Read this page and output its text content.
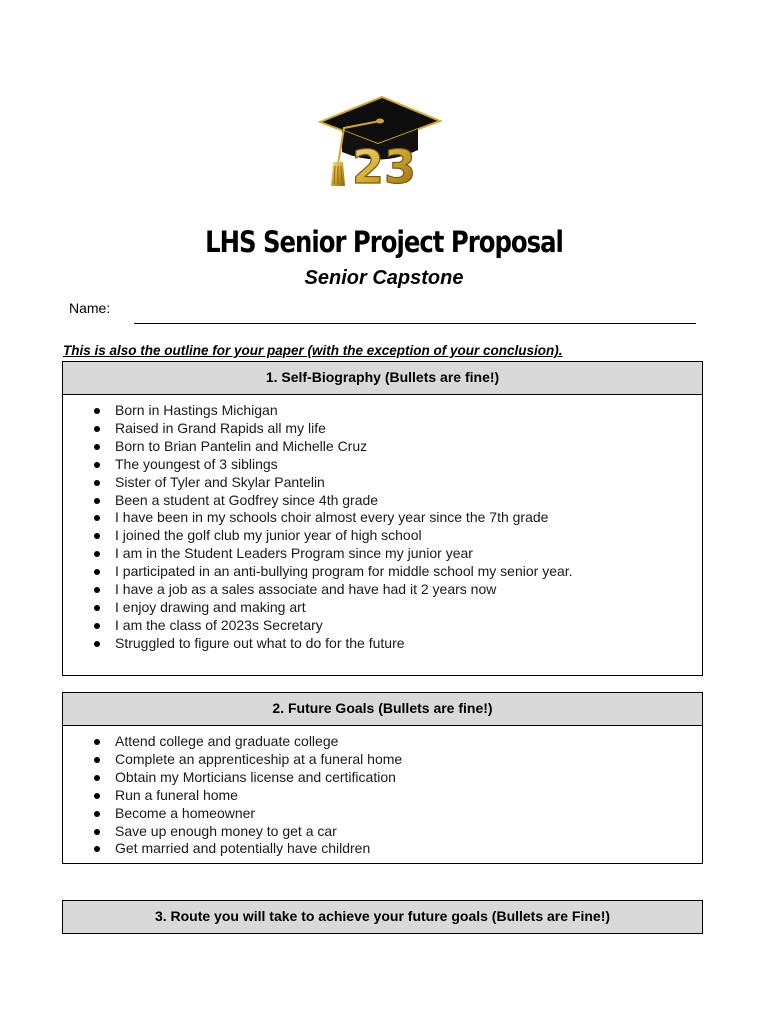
23
LHS Senior Project Proposal
Senior Capstone
Name:
This is also the outline for your paper (with the exception of your conclusion).
1. Self-Biography (Bullets are fine!)
Born in Hastings Michigan
Raised in Grand Rapids all my life
Born to Brian Pantelin and Michelle Cruz
The youngest of 3 siblings
Sister of Tyler and Skylar Pantelin
Been a student at Godfrey since 4th grade
I have been in my schools choir almost every year since the 7th grade
I joined the golf club my junior year of high school
I am in the Student Leaders Program since my junior year
I participated in an anti-bullying program for middle school my senior year.
I have a job as a sales associate and have had it 2 years now
I enjoy drawing and making art
I am the class of 2023s Secretary
Struggled to figure out what to do for the future
2. Future Goals (Bullets are fine!)
Attend college and graduate college
Complete an apprenticeship at a funeral home
Obtain my Morticians license and certification
Run a funeral home
Become a homeowner
Save up enough money to get a car
Get married and potentially have children
3. Route you will take to achieve your future goals (Bullets are Fine!)
